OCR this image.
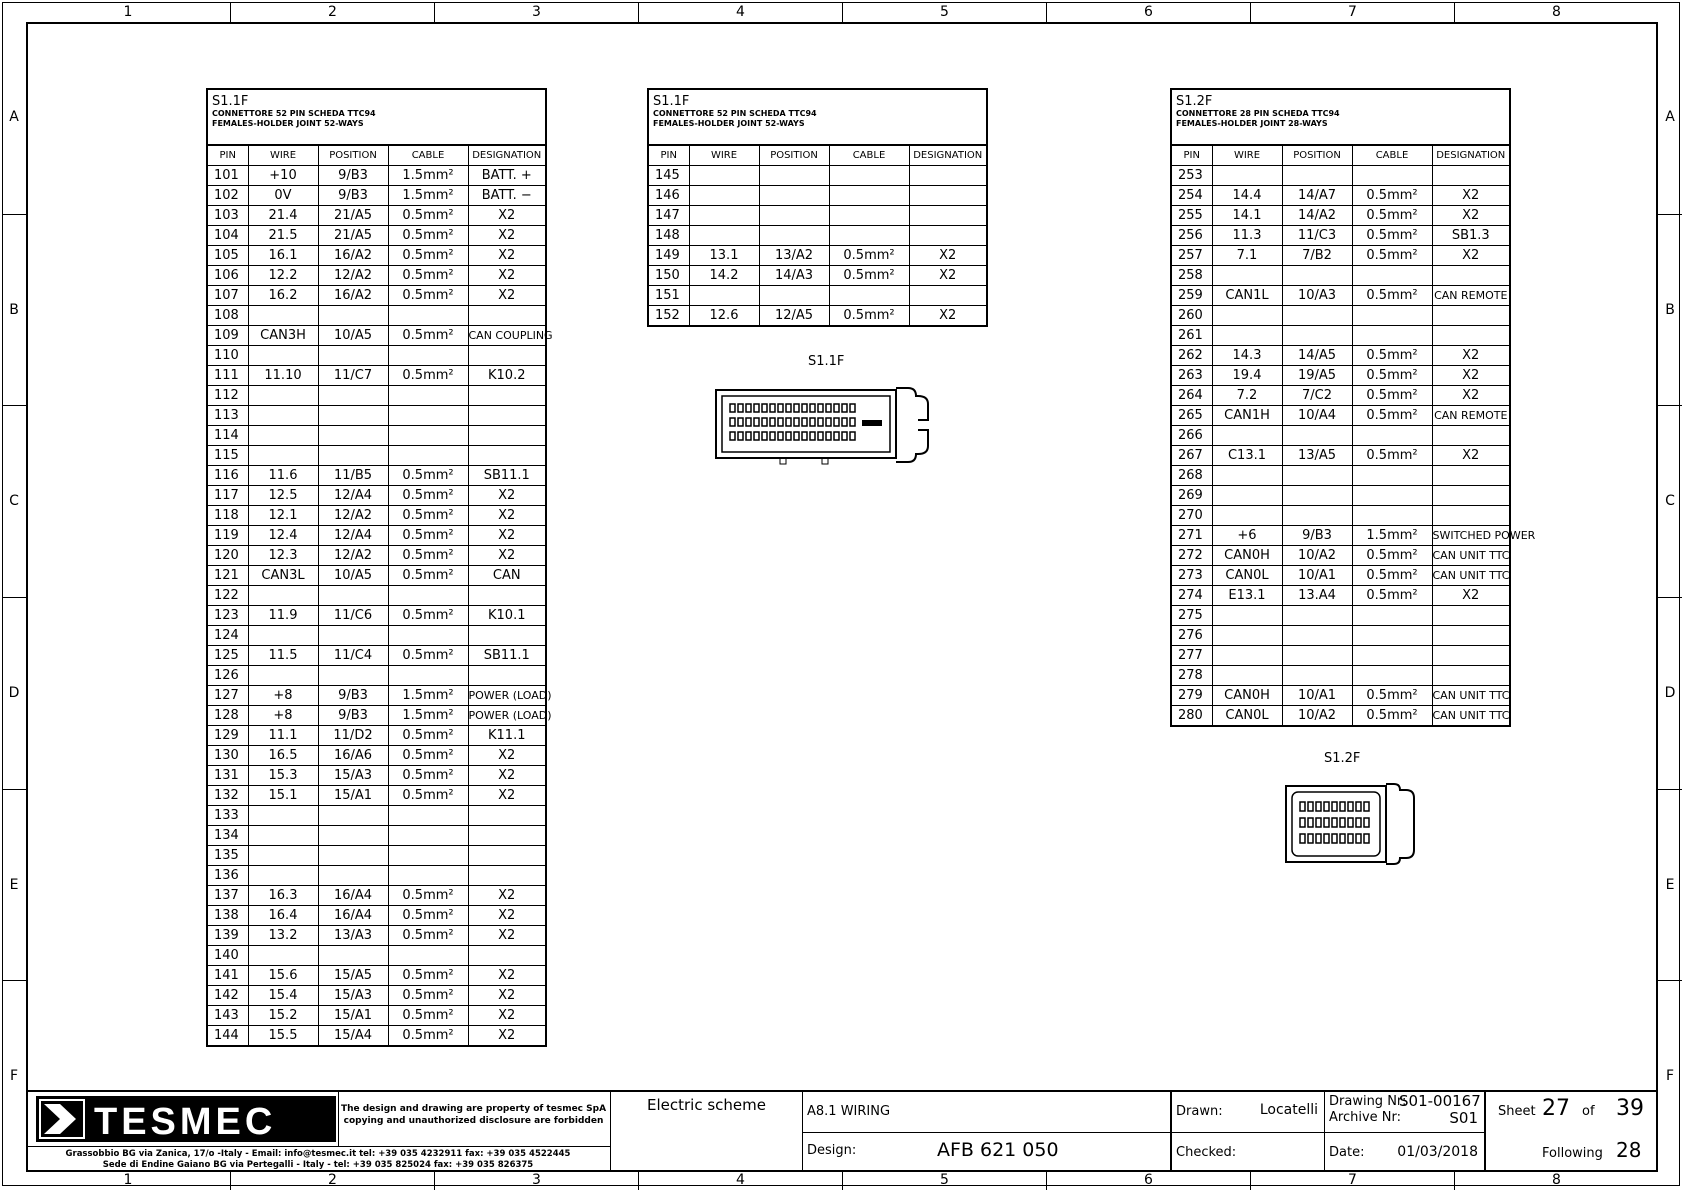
1	2	3	4	5	6	7	8
1	2	3	4	5	6	7	8
A
B
C
D
E
F
A
B
C
D
E
F
S1.1F
CONNETTORE 52 PIN SCHEDA TTC94
FEMALES-HOLDER JOINT 52-WAYS
PIN	WIRE	POSITION	CABLE	DESIGNATION
101	+10	9/B3	1.5mm²	BATT. +
102	0V	9/B3	1.5mm²	BATT. −
103	21.4	21/A5	0.5mm²	X2
104	21.5	21/A5	0.5mm²	X2
105	16.1	16/A2	0.5mm²	X2
106	12.2	12/A2	0.5mm²	X2
107	16.2	16/A2	0.5mm²	X2
108				
109	CAN3H	10/A5	0.5mm²	CAN COUPLING
110				
111	11.10	11/C7	0.5mm²	K10.2
112				
113				
114				
115				
116	11.6	11/B5	0.5mm²	SB11.1
117	12.5	12/A4	0.5mm²	X2
118	12.1	12/A2	0.5mm²	X2
119	12.4	12/A4	0.5mm²	X2
120	12.3	12/A2	0.5mm²	X2
121	CAN3L	10/A5	0.5mm²	CAN
122				
123	11.9	11/C6	0.5mm²	K10.1
124				
125	11.5	11/C4	0.5mm²	SB11.1
126				
127	+8	9/B3	1.5mm²	POWER (LOAD)
128	+8	9/B3	1.5mm²	POWER (LOAD)
129	11.1	11/D2	0.5mm²	K11.1
130	16.5	16/A6	0.5mm²	X2
131	15.3	15/A3	0.5mm²	X2
132	15.1	15/A1	0.5mm²	X2
133				
134				
135				
136				
137	16.3	16/A4	0.5mm²	X2
138	16.4	16/A4	0.5mm²	X2
139	13.2	13/A3	0.5mm²	X2
140				
141	15.6	15/A5	0.5mm²	X2
142	15.4	15/A3	0.5mm²	X2
143	15.2	15/A1	0.5mm²	X2
144	15.5	15/A4	0.5mm²	X2
S1.1F
CONNETTORE 52 PIN SCHEDA TTC94
FEMALES-HOLDER JOINT 52-WAYS
PIN	WIRE	POSITION	CABLE	DESIGNATION
145				
146				
147				
148				
149	13.1	13/A2	0.5mm²	X2
150	14.2	14/A3	0.5mm²	X2
151				
152	12.6	12/A5	0.5mm²	X2
S1.2F
CONNETTORE 28 PIN SCHEDA TTC94
FEMALES-HOLDER JOINT 28-WAYS
PIN	WIRE	POSITION	CABLE	DESIGNATION
253				
254	14.4	14/A7	0.5mm²	X2
255	14.1	14/A2	0.5mm²	X2
256	11.3	11/C3	0.5mm²	SB1.3
257	7.1	7/B2	0.5mm²	X2
258				
259	CAN1L	10/A3	0.5mm²	CAN REMOTE
260				
261				
262	14.3	14/A5	0.5mm²	X2
263	19.4	19/A5	0.5mm²	X2
264	7.2	7/C2	0.5mm²	X2
265	CAN1H	10/A4	0.5mm²	CAN REMOTE
266				
267	C13.1	13/A5	0.5mm²	X2
268				
269				
270				
271	+6	9/B3	1.5mm²	SWITCHED POWER
272	CAN0H	10/A2	0.5mm²	CAN UNIT TTC
273	CAN0L	10/A1	0.5mm²	CAN UNIT TTC
274	E13.1	13.A4	0.5mm²	X2
275				
276				
277				
278				
279	CAN0H	10/A1	0.5mm²	CAN UNIT TTC
280	CAN0L	10/A2	0.5mm²	CAN UNIT TTC
S1.1F
S1.2F
TESMEC	The design and drawing are property of tesmec SpA
copying and unauthorized disclosure are forbidden
Grassobbio BG via Zanica, 17/o -Italy - Email: info@tesmec.it tel: +39 035 4232911 fax: +39 035 4522445
Sede di Endine Gaiano BG via Pertegalli - Italy - tel: +39 035 825024 fax: +39 035 826375
Electric scheme	A8.1 WIRING
Design:	AFB 621 050
Drawn:	Locatelli
Checked:
Drawing Nr:
S01-00167
Archive Nr:	S01
Date: 01/03/2018
Sheet 27 of 39
Following 28
